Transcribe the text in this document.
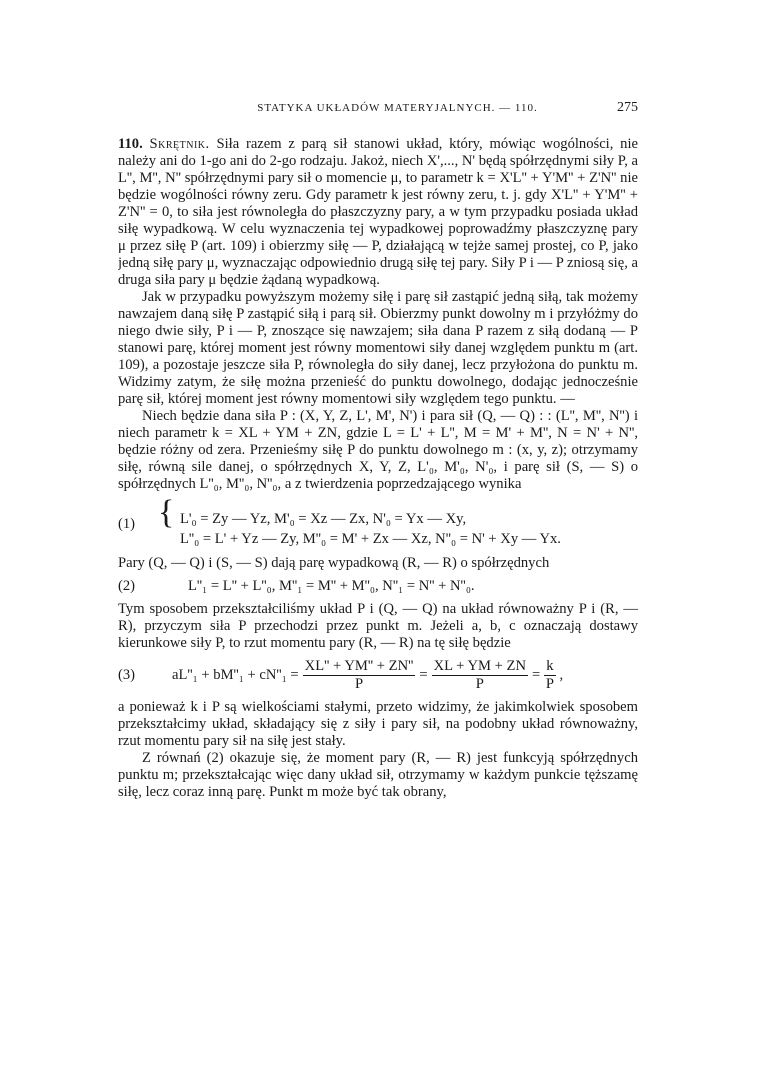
STATYKA UKŁADÓW MATERYJALNYCH. — 110.	275

110. Skrętnik. Siła razem z parą sił stanowi układ, który, mówiąc wogólności, nie należy ani do 1-go ani do 2-go rodzaju. Jakoż, niech X',..., N' będą spółrzędnymi siły P, a L'', M'', N'' spółrzędnymi pary sił o momencie μ, to parametr k = X'L'' + Y'M'' + Z'N'' nie będzie wogólności równy zeru. Gdy parametr k jest równy zeru, t. j. gdy X'L'' + Y'M'' + Z'N'' = 0, to siła jest równoległa do płaszczyzny pary, a w tym przypadku posiada układ siłę wypadkową. W celu wyznaczenia tej wypadkowej poprowadźmy płaszczyznę pary μ przez siłę P (art. 109) i obierzmy siłę — P, działającą w tejże samej prostej, co P, jako jedną siłę pary μ, wyznaczając odpowiednio drugą siłę tej pary. Siły P i — P zniosą się, a druga siła pary μ będzie żądaną wypadkową.

Jak w przypadku powyższym możemy siłę i parę sił zastąpić jedną siłą, tak możemy nawzajem daną siłę P zastąpić siłą i parą sił. Obierzmy punkt dowolny m i przyłóżmy do niego dwie siły, P i — P, znoszące się nawzajem; siła dana P razem z siłą dodaną — P stanowi parę, której moment jest równy momentowi siły danej względem punktu m (art. 109), a pozostaje jeszcze siła P, równoległa do siły danej, lecz przyłożona do punktu m. Widzimy zatym, że siłę można przenieść do punktu dowolnego, dodając jednocześnie parę sił, której moment jest równy momentowi siły względem tego punktu. —

Niech będzie dana siła P : (X, Y, Z, L', M', N') i para sił (Q, — Q) : : (L'', M'', N'') i niech parametr k = XL + YM + ZN, gdzie L = L' + L'', M = M' + M'', N = N' + N'', będzie różny od zera. Przenieśmy siłę P do punktu dowolnego m : (x, y, z); otrzymamy siłę, równą sile danej, o spółrzędnych X, Y, Z, L'₀, M'₀, N'₀, i parę sił (S, — S) o spółrzędnych L''₀, M''₀, N''₀, a z twierdzenia poprzedzającego wynika

(1) { L'₀ = Zy — Yz, M'₀ = Xz — Zx, N'₀ = Yx — Xy,
L''₀ = L' + Yz — Zy, M''₀ = M' + Zx — Xz, N''₀ = N' + Xy — Yx.

Pary (Q, — Q) i (S, — S) dają parę wypadkową (R, — R) o spółrzędnych

(2)	L''₁ = L'' + L''₀, M''₁ = M'' + M''₀, N''₁ = N'' + N''₀.

Tym sposobem przekształciliśmy układ P i (Q, — Q) na układ równoważny P i (R, — R), przyczym siła P przechodzi przez punkt m. Jeżeli a, b, c oznaczają dostawy kierunkowe siły P, to rzut momentu pary (R, — R) na tę siłę będzie

(3)	$aL''_1 + bM''_1 + cN''_1 = \frac{XL'' + YM'' + ZN''}{P} = \frac{XL + YM + ZN}{P} = \frac{k}{P}$ ,

a ponieważ k i P są wielkościami stałymi, przeto widzimy, że jakimkolwiek sposobem przekształcimy układ, składający się z siły i pary sił, na podobny układ równoważny, rzut momentu pary sił na siłę jest stały.

Z równań (2) okazuje się, że moment pary (R, — R) jest funkcyją spółrzędnych punktu m; przekształcając więc dany układ sił, otrzymamy w każdym punkcie tęższamę siłę, lecz coraz inną parę. Punkt m może być tak obrany,
